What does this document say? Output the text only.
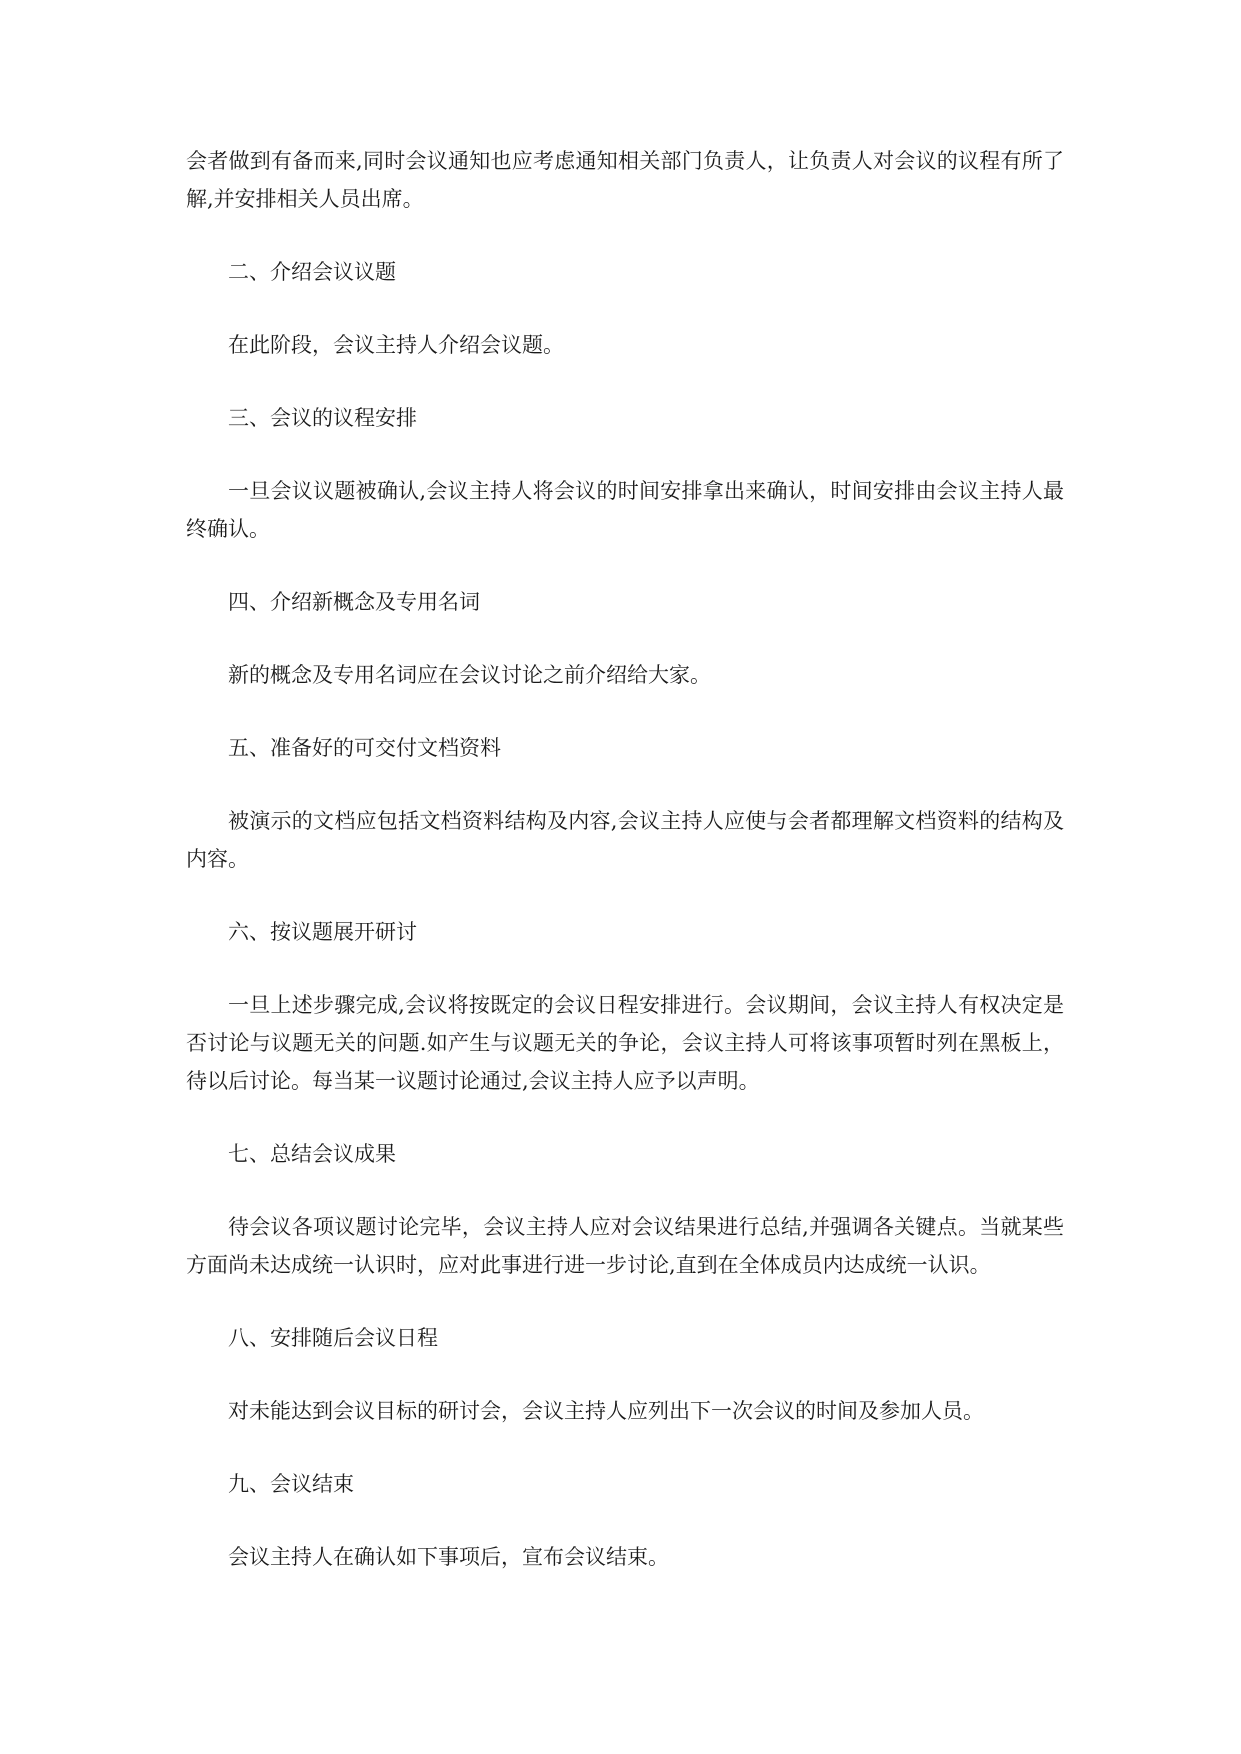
会者做到有备而来,同时会议通知也应考虑通知相关部门负责人，让负责人对会议的议程有所了解,并安排相关人员出席。

二、介绍会议议题

在此阶段，会议主持人介绍会议题。

三、会议的议程安排

一旦会议议题被确认,会议主持人将会议的时间安排拿出来确认，时间安排由会议主持人最终确认。

四、介绍新概念及专用名词

新的概念及专用名词应在会议讨论之前介绍给大家。

五、准备好的可交付文档资料

被演示的文档应包括文档资料结构及内容,会议主持人应使与会者都理解文档资料的结构及内容。

六、按议题展开研讨

一旦上述步骤完成,会议将按既定的会议日程安排进行。会议期间，会议主持人有权决定是否讨论与议题无关的问题.如产生与议题无关的争论，会议主持人可将该事项暂时列在黑板上，待以后讨论。每当某一议题讨论通过,会议主持人应予以声明。

七、总结会议成果

待会议各项议题讨论完毕，会议主持人应对会议结果进行总结,并强调各关键点。当就某些方面尚未达成统一认识时，应对此事进行进一步讨论,直到在全体成员内达成统一认识。

八、安排随后会议日程

对未能达到会议目标的研讨会，会议主持人应列出下一次会议的时间及参加人员。

九、会议结束

会议主持人在确认如下事项后，宣布会议结束。
